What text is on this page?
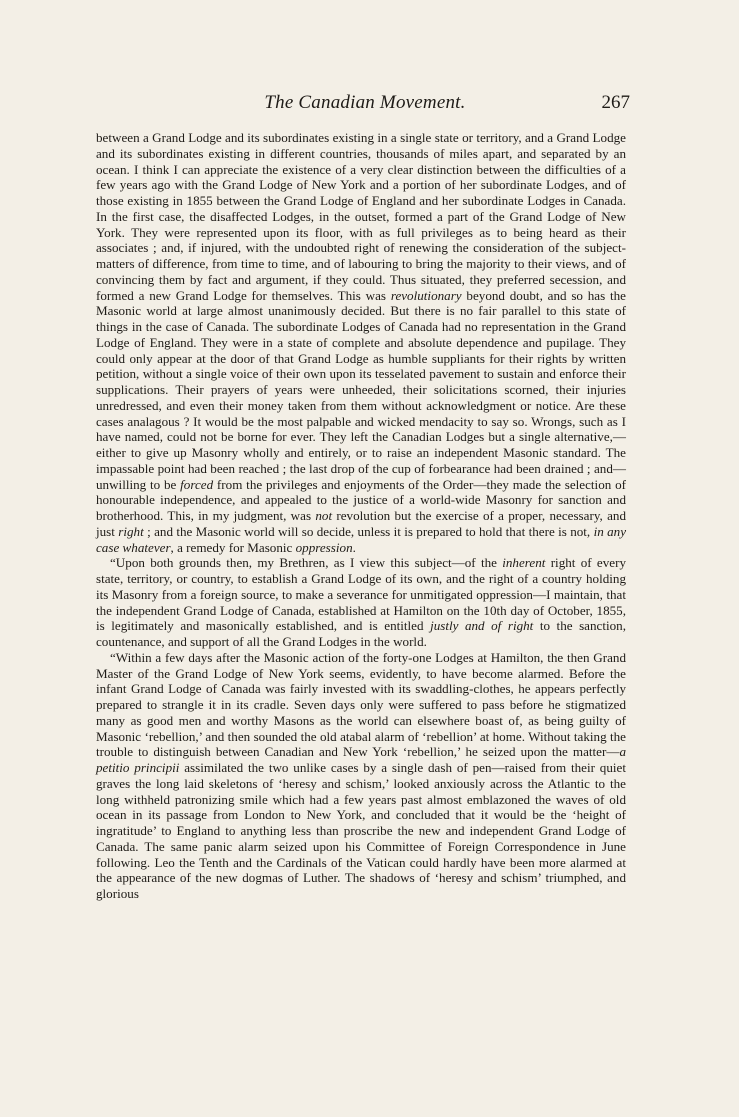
The Canadian Movement.	267

between a Grand Lodge and its subordinates existing in a single state or territory, and a Grand Lodge and its subordinates existing in different countries, thousands of miles apart, and separated by an ocean. I think I can appreciate the existence of a very clear distinction between the difficulties of a few years ago with the Grand Lodge of New York and a portion of her subordinate Lodges, and of those existing in 1855 between the Grand Lodge of England and her subordinate Lodges in Canada. In the first case, the disaffected Lodges, in the outset, formed a part of the Grand Lodge of New York. They were represented upon its floor, with as full privileges as to being heard as their associates ; and, if injured, with the undoubted right of renewing the consideration of the subject-matters of difference, from time to time, and of labouring to bring the majority to their views, and of convincing them by fact and argument, if they could. Thus situated, they preferred secession, and formed a new Grand Lodge for themselves. This was revolutionary beyond doubt, and so has the Masonic world at large almost unanimously decided. But there is no fair parallel to this state of things in the case of Canada. The subordinate Lodges of Canada had no representation in the Grand Lodge of England. They were in a state of complete and absolute dependence and pupilage. They could only appear at the door of that Grand Lodge as humble suppliants for their rights by written petition, without a single voice of their own upon its tesselated pavement to sustain and enforce their supplications. Their prayers of years were unheeded, their solicitations scorned, their injuries unredressed, and even their money taken from them without acknowledgment or notice. Are these cases analagous ? It would be the most palpable and wicked mendacity to say so. Wrongs, such as I have named, could not be borne for ever. They left the Canadian Lodges but a single alternative,—either to give up Masonry wholly and entirely, or to raise an independent Masonic standard. The impassable point had been reached ; the last drop of the cup of forbearance had been drained ; and—unwilling to be forced from the privileges and enjoyments of the Order—they made the selection of honourable independence, and appealed to the justice of a world-wide Masonry for sanction and brotherhood. This, in my judgment, was not revolution but the exercise of a proper, necessary, and just right ; and the Masonic world will so decide, unless it is prepared to hold that there is not, in any case whatever, a remedy for Masonic oppression.

“Upon both grounds then, my Brethren, as I view this subject—of the inherent right of every state, territory, or country, to establish a Grand Lodge of its own, and the right of a country holding its Masonry from a foreign source, to make a severance for unmitigated oppression—I maintain, that the independent Grand Lodge of Canada, established at Hamilton on the 10th day of October, 1855, is legitimately and masonically established, and is entitled justly and of right to the sanction, countenance, and support of all the Grand Lodges in the world.

“Within a few days after the Masonic action of the forty-one Lodges at Hamilton, the then Grand Master of the Grand Lodge of New York seems, evidently, to have become alarmed. Before the infant Grand Lodge of Canada was fairly invested with its swaddling-clothes, he appears perfectly prepared to strangle it in its cradle. Seven days only were suffered to pass before he stigmatized many as good men and worthy Masons as the world can elsewhere boast of, as being guilty of Masonic ‘rebellion,’ and then sounded the old atabal alarm of ‘rebellion’ at home. Without taking the trouble to distinguish between Canadian and New York ‘rebellion,’ he seized upon the matter—a petitio principii assimilated the two unlike cases by a single dash of pen—raised from their quiet graves the long laid skeletons of ‘heresy and schism,’ looked anxiously across the Atlantic to the long withheld patronizing smile which had a few years past almost emblazoned the waves of old ocean in its passage from London to New York, and concluded that it would be the ‘height of ingratitude’ to England to anything less than proscribe the new and independent Grand Lodge of Canada. The same panic alarm seized upon his Committee of Foreign Correspondence in June following. Leo the Tenth and the Cardinals of the Vatican could hardly have been more alarmed at the appearance of the new dogmas of Luther. The shadows of ‘heresy and schism’ triumphed, and glorious
